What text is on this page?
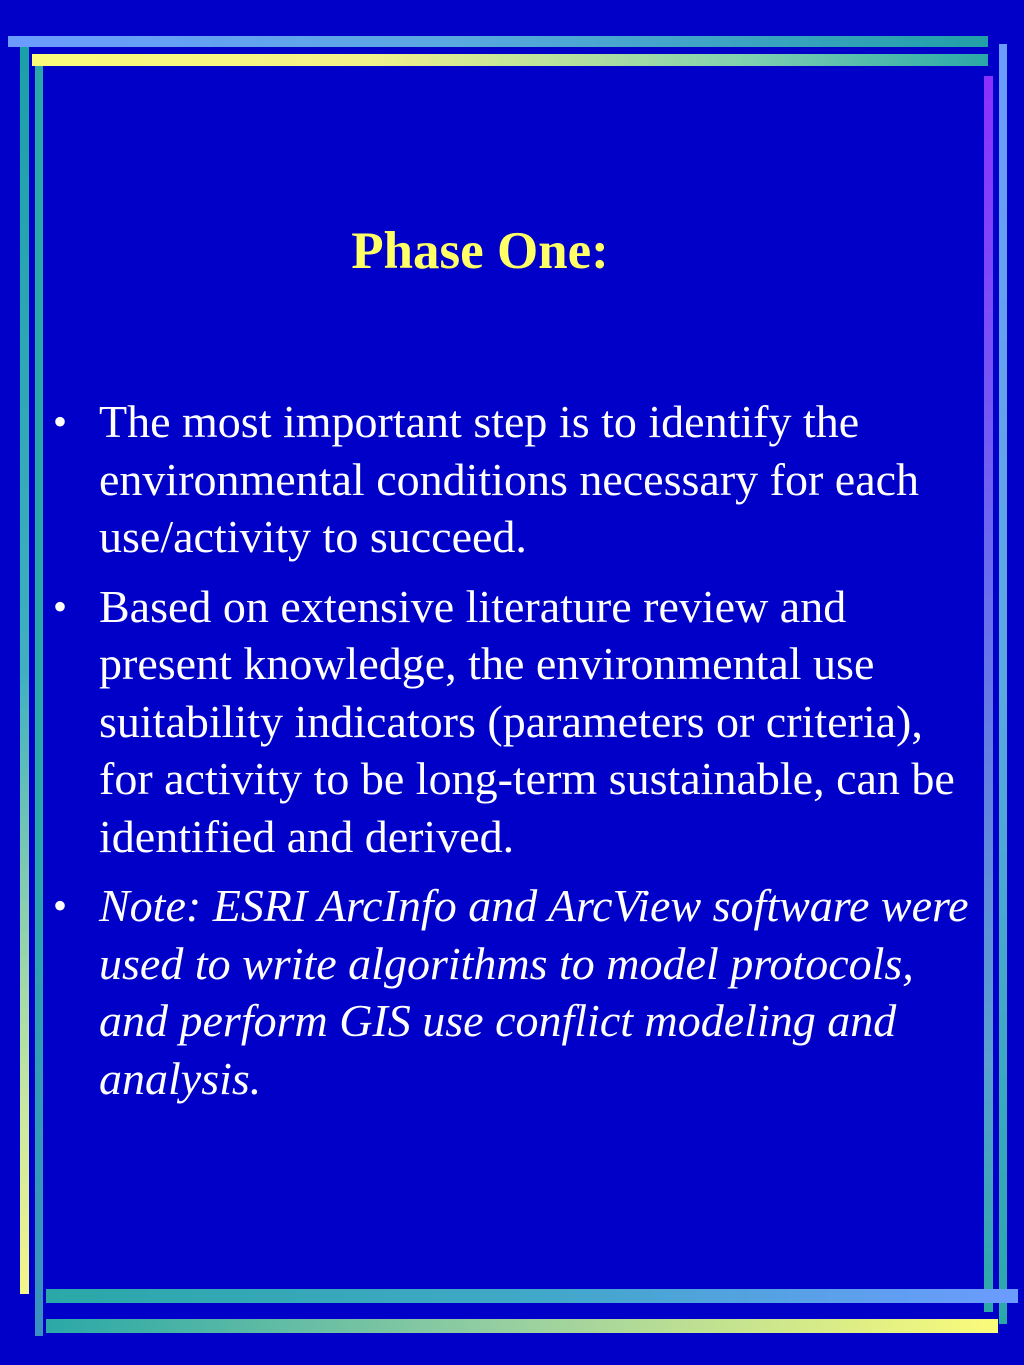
Phase One:
• The most important step is to identify the environmental conditions necessary for each use/activity to succeed.
• Based on extensive literature review and present knowledge, the environmental use suitability indicators (parameters or criteria), for activity to be long-term sustainable, can be identified and derived.
• Note: ESRI ArcInfo and ArcView software were used to write algorithms to model protocols, and perform GIS use conflict modeling and analysis.
